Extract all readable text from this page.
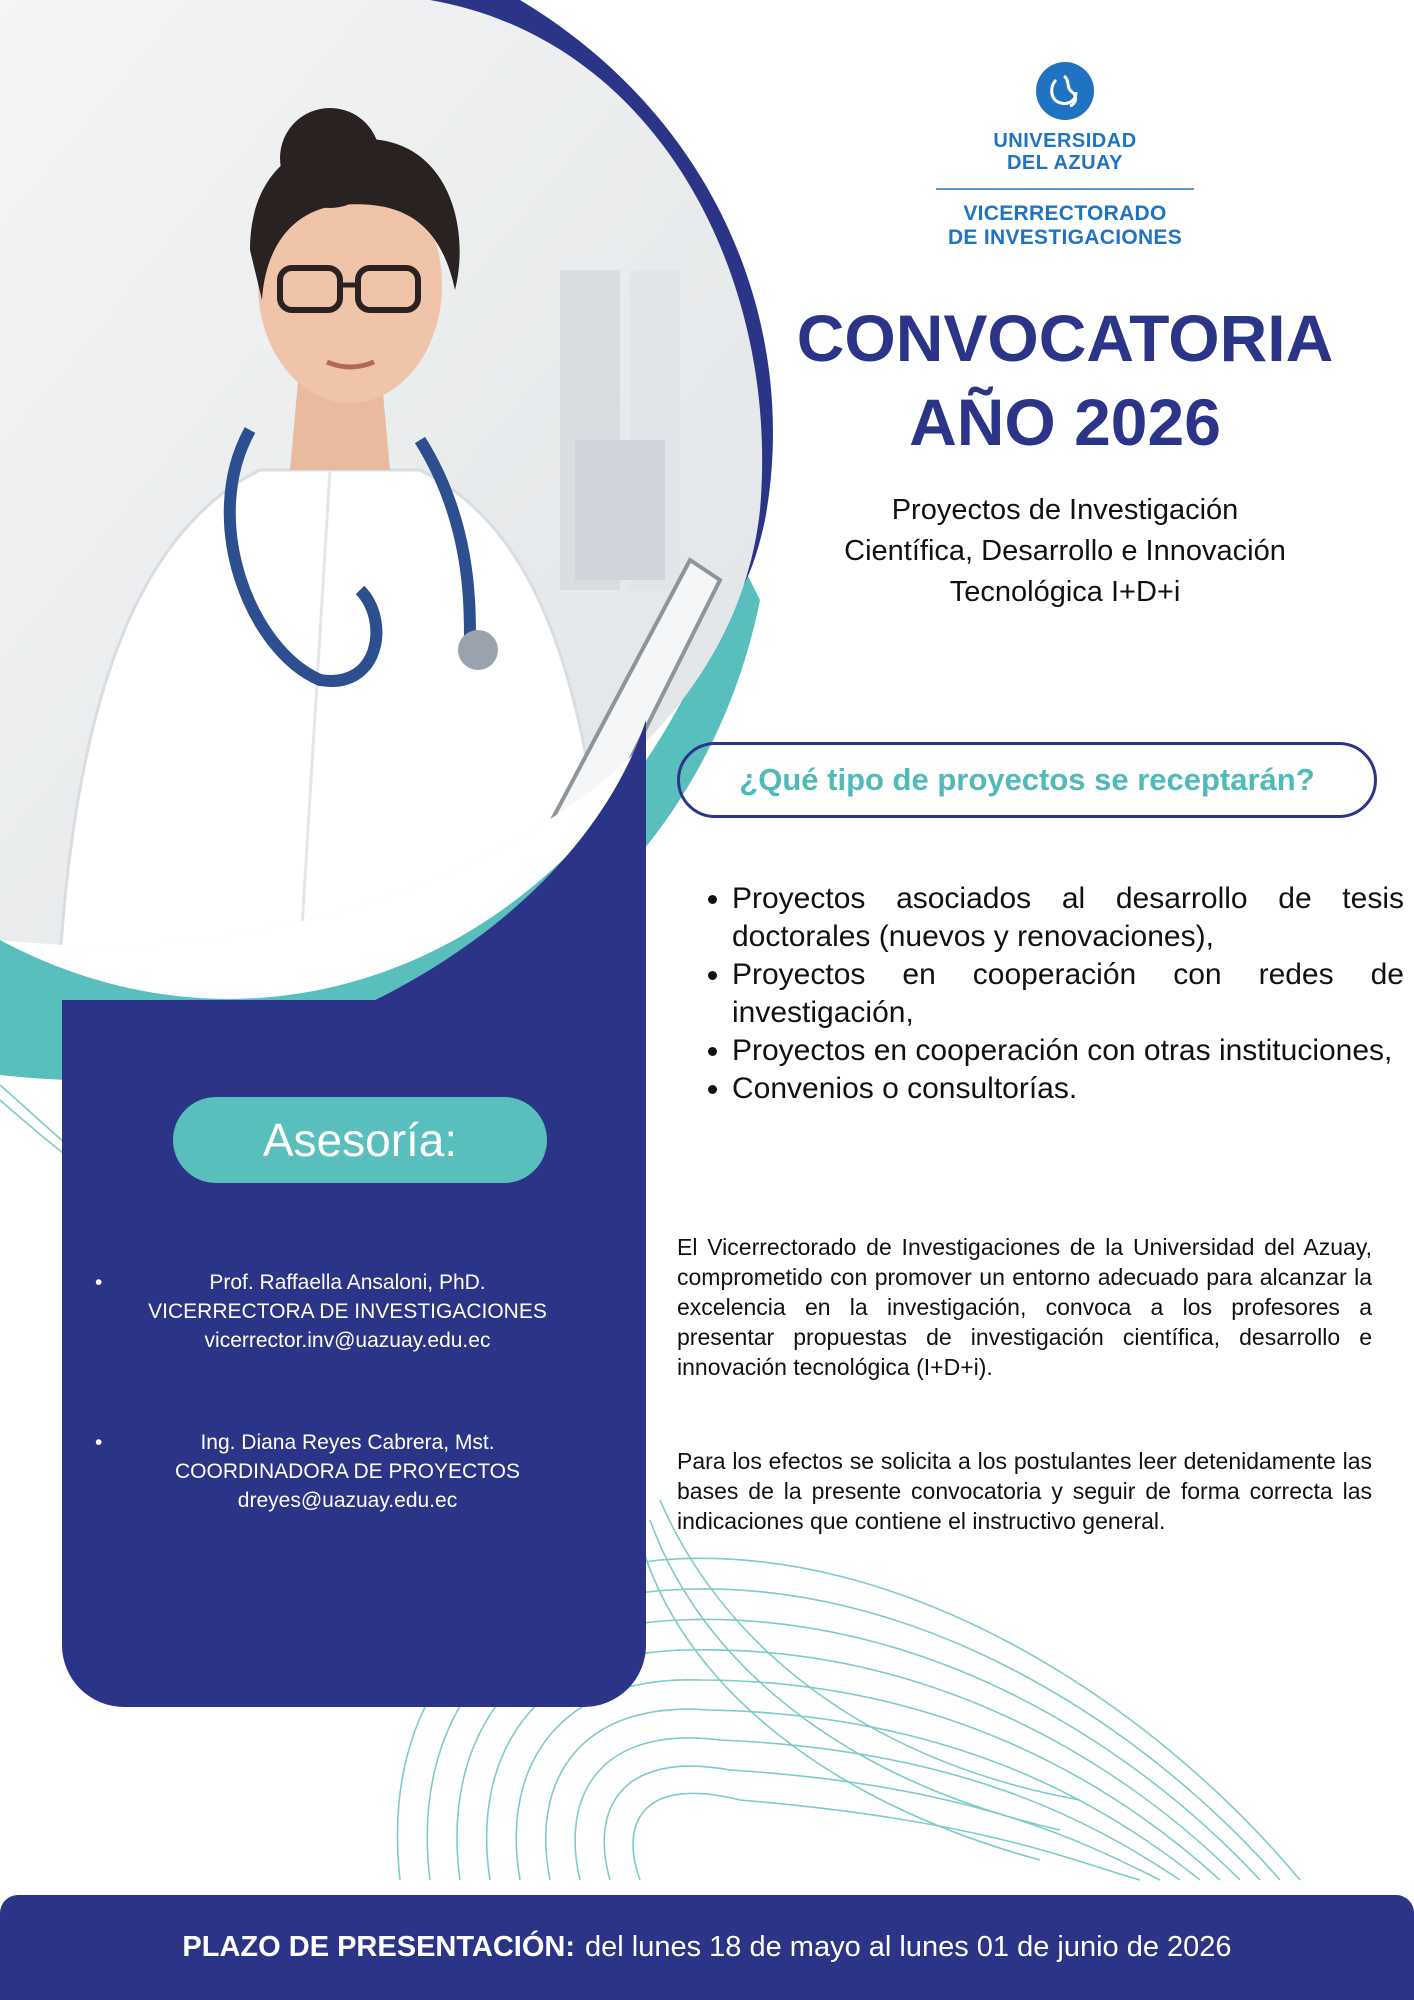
UNIVERSIDAD
DEL AZUAY
VICERRECTORADO
DE INVESTIGACIONES
CONVOCATORIA
AÑO 2026
Proyectos de Investigación
Científica, Desarrollo e Innovación
Tecnológica I+D+i
¿Qué tipo de proyectos se receptarán?
• Proyectos asociados al desarrollo de tesis doctorales (nuevos y renovaciones),
• Proyectos en cooperación con redes de investigación,
• Proyectos en cooperación con otras instituciones,
• Convenios o consultorías.

El Vicerrectorado de Investigaciones de la Universidad del Azuay, comprometido con promover un entorno adecuado para alcanzar la excelencia en la investigación, convoca a los profesores a presentar propuestas de investigación científica, desarrollo e innovación tecnológica (I+D+i).

Para los efectos se solicita a los postulantes leer detenidamente las bases de la presente convocatoria y seguir de forma correcta las indicaciones que contiene el instructivo general.

Asesoría:
•	Prof. Raffaella Ansaloni, PhD.

VICERRECTORA DE INVESTIGACIONES

vicerrector.inv@uazuay.edu.ec

•	Ing. Diana Reyes Cabrera, Mst.

COORDINADORA DE PROYECTOS

dreyes@uazuay.edu.ec

PLAZO DE PRESENTACIÓN: del lunes 18 de mayo al lunes 01 de junio de 2026
